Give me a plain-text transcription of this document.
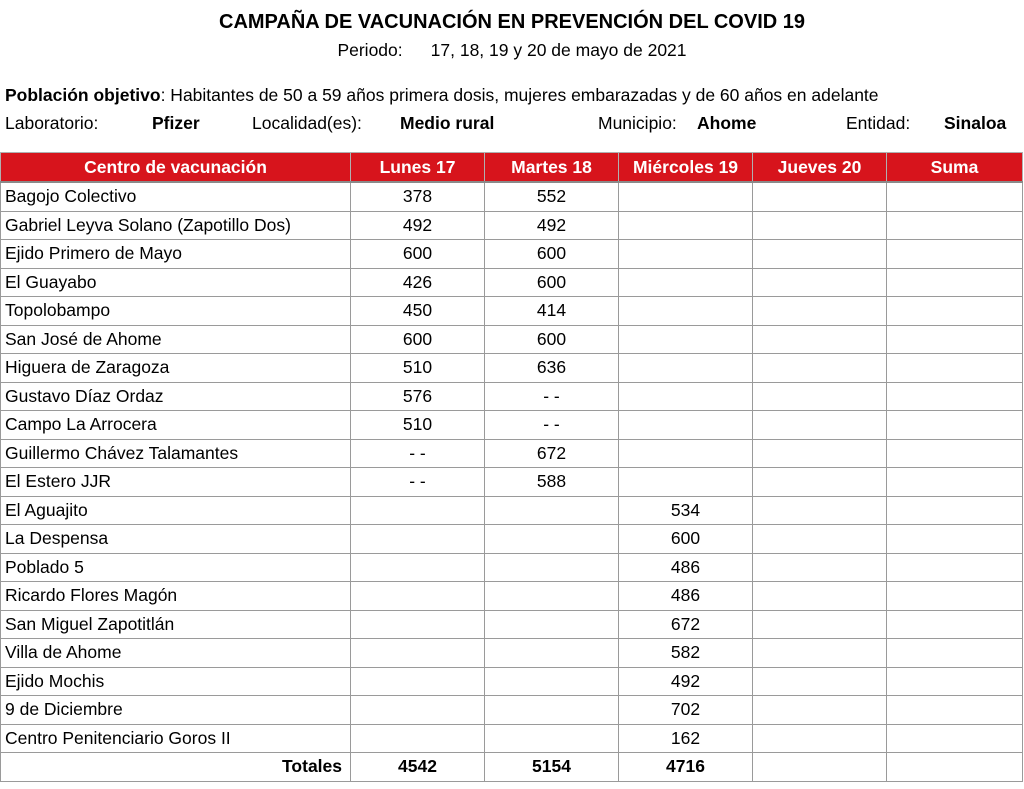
CAMPAÑA DE VACUNACIÓN EN PREVENCIÓN DEL COVID 19
Periodo: 17, 18, 19 y 20 de mayo de 2021
Población objetivo: Habitantes de 50 a 59 años primera dosis, mujeres embarazadas y de 60 años en adelante
Laboratorio:	Pfizer	Localidad(es): Medio rural	Municipio: Ahome	Entidad: Sinaloa
Centro de vacunación	Lunes 17	Martes 18	Miércoles 19	Jueves 20	Suma
Bagojo Colectivo	378	552			
Gabriel Leyva Solano (Zapotillo Dos)	492	492			
Ejido Primero de Mayo	600	600			
El Guayabo	426	600			
Topolobampo	450	414			
San José de Ahome	600	600			
Higuera de Zaragoza	510	636			
Gustavo Díaz Ordaz	576	- -			
Campo La Arrocera	510	- -			
Guillermo Chávez Talamantes	- -	672			
El Estero JJR	- -	588			
El Aguajito			534		
La Despensa			600		
Poblado 5			486		
Ricardo Flores Magón			486		
San Miguel Zapotitlán			672		
Villa de Ahome			582		
Ejido Mochis			492		
9 de Diciembre			702		
Centro Penitenciario Goros II			162		
Totales	4542	5154	4716		
